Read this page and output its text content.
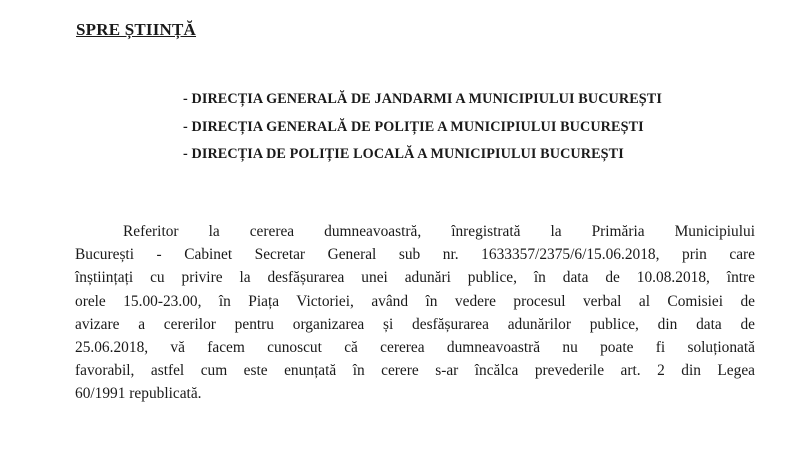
SPRE ȘTIINȚĂ
- DIRECȚIA GENERALĂ DE JANDARMI A MUNICIPIULUI BUCUREȘTI
- DIRECȚIA GENERALĂ DE POLIȚIE A MUNICIPIULUI BUCUREȘTI
- DIRECȚIA DE POLIȚIE LOCALĂ A MUNICIPIULUI BUCUREȘTI

Referitor la cererea dumneavoastră, înregistrată la Primăria Municipiului
București - Cabinet Secretar General sub nr. 1633357/2375/6/15.06.2018, prin care
înștiințați cu privire la desfășurarea unei adunări publice, în data de 10.08.2018, între
orele 15.00-23.00, în Piața Victoriei, având în vedere procesul verbal al Comisiei de
avizare a cererilor pentru organizarea și desfășurarea adunărilor publice, din data de
25.06.2018, vă facem cunoscut că cererea dumneavoastră nu poate fi soluționată
favorabil, astfel cum este enunțată în cerere s-ar încălca prevederile art. 2 din Legea
60/1991 republicată.
